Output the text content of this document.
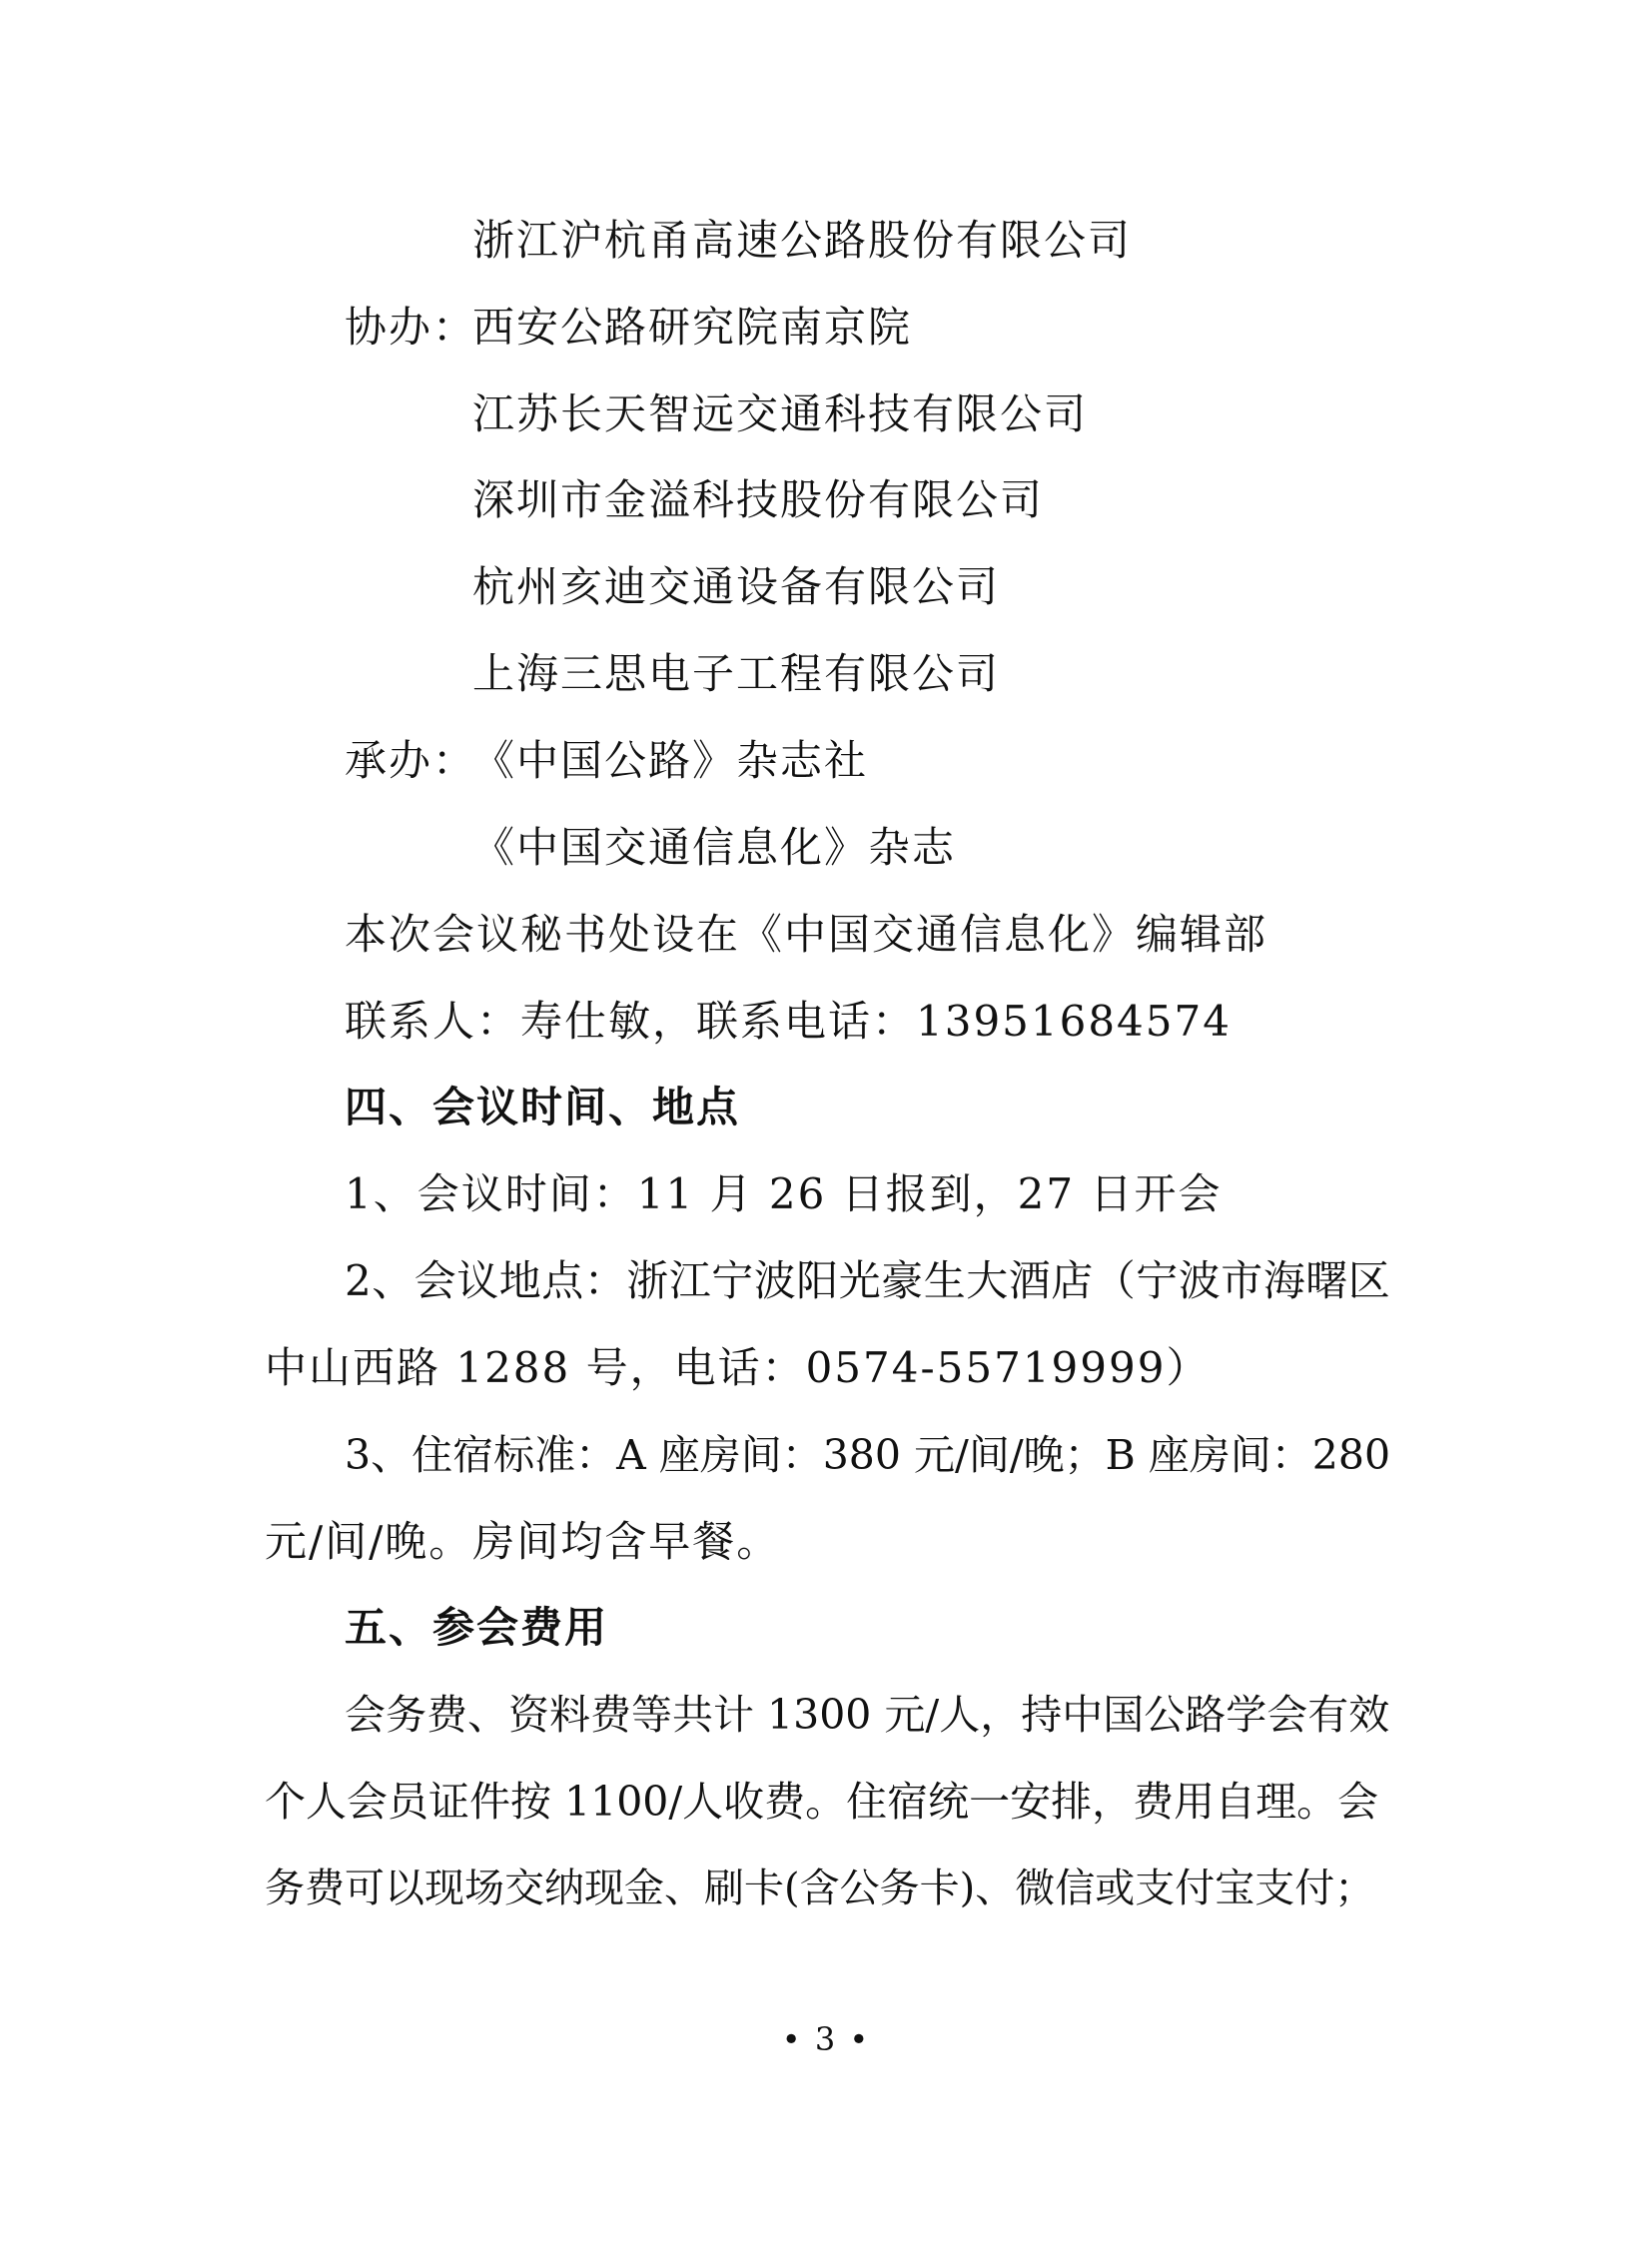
浙江沪杭甬高速公路股份有限公司
协办：
西安公路研究院南京院
江苏长天智远交通科技有限公司
深圳市金溢科技股份有限公司
杭州亥迪交通设备有限公司
上海三思电子工程有限公司
承办：
《中国公路》杂志社
《中国交通信息化》杂志
本次会议秘书处设在《中国交通信息化》编辑部
联系人：寿仕敏，联系电话：13951684574
四、会议时间、地点
1、会议时间：11 月 26 日报到，27 日开会
2、会议地点：浙江宁波阳光豪生大酒店（宁波市海曙区
中山西路 1288 号，电话：0574-55719999）
3、住宿标准：A 座房间：380 元/间/晚；B 座房间：280
元/间/晚。房间均含早餐。
五、参会费用
会务费、资料费等共计 1300 元/人，持中国公路学会有效
个人会员证件按 1100/人收费。住宿统一安排，费用自理。会
务费可以现场交纳现金、刷卡(含公务卡)、微信或支付宝支付；
• 3 •
